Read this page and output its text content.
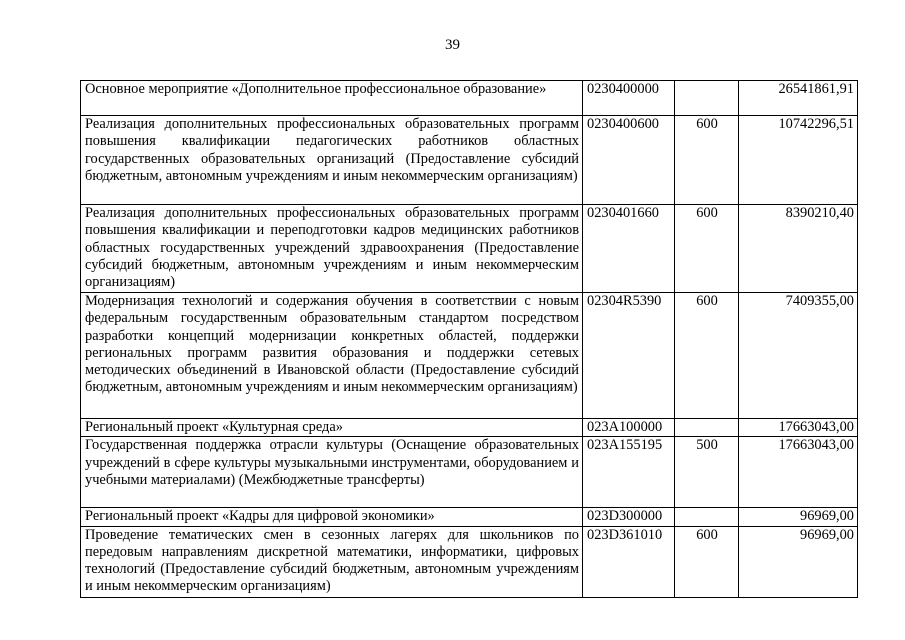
39
Основное мероприятие «Дополнительное профессиональное образование»	0230400000		26541861,91
Реализация дополнительных профессиональных образовательных программ повышения квалификации педагогических работников областных государственных образовательных организаций (Предоставление субсидий бюджетным, автономным учреждениям и иным некоммерческим организациям)	0230400600	600	10742296,51
Реализация дополнительных профессиональных образовательных программ повышения квалификации и переподготовки кадров медицинских работников областных государственных учреждений здравоохранения (Предоставление субсидий бюджетным, автономным учреждениям и иным некоммерческим организациям)	0230401660	600	8390210,40
Модернизация технологий и содержания обучения в соответствии с новым федеральным государственным образовательным стандартом посредством разработки концепций модернизации конкретных областей, поддержки региональных программ развития образования и поддержки сетевых методических объединений в Ивановской области (Предоставление субсидий бюджетным, автономным учреждениям и иным некоммерческим организациям)	02304R5390	600	7409355,00
Региональный проект «Культурная среда»	023A100000		17663043,00
Государственная поддержка отрасли культуры (Оснащение образовательных учреждений в сфере культуры музыкальными инструментами, оборудованием и учебными материалами) (Межбюджетные трансферты)	023A155195	500	17663043,00
Региональный проект «Кадры для цифровой экономики»	023D300000		96969,00
Проведение тематических смен в сезонных лагерях для школьников по передовым направлениям дискретной математики, информатики, цифровых технологий (Предоставление субсидий бюджетным, автономным учреждениям и иным некоммерческим организациям)	023D361010	600	96969,00
